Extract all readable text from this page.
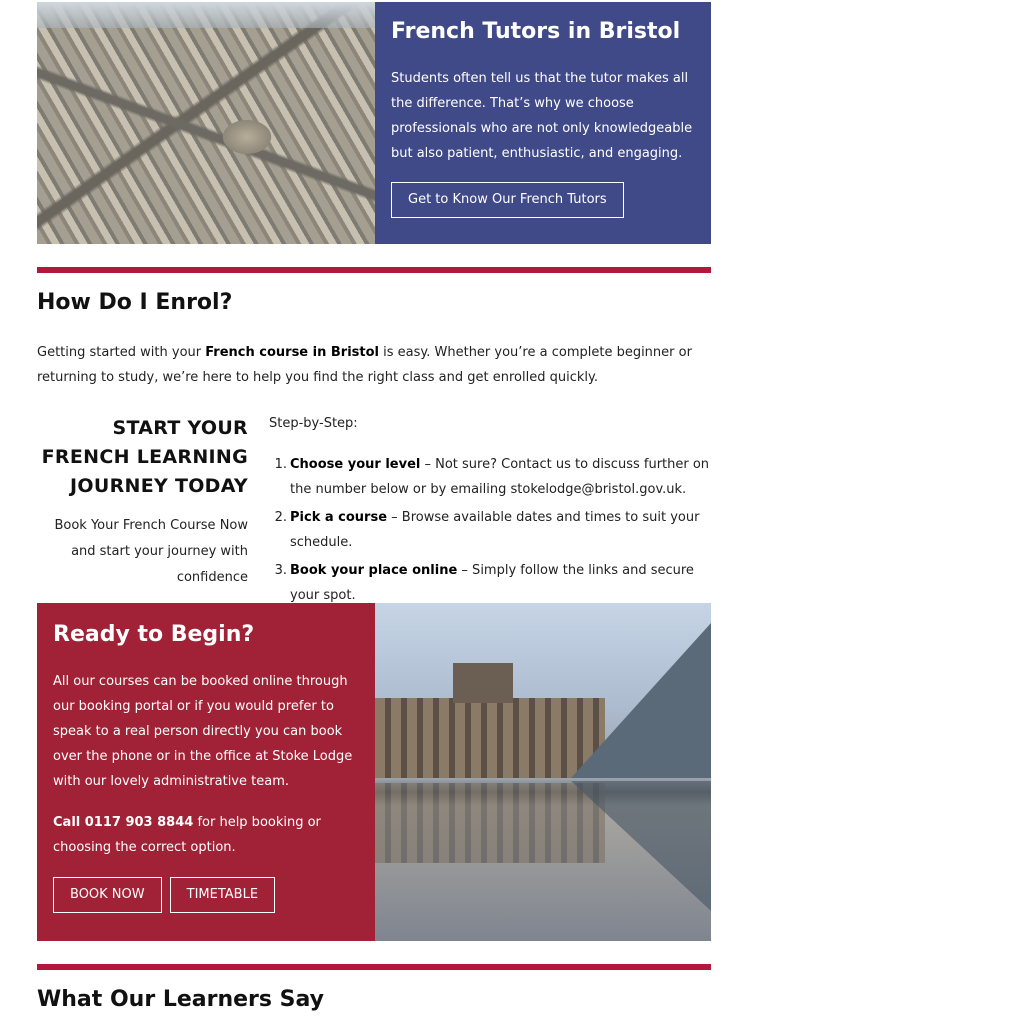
French Tutors in Bristol

Students often tell us that the tutor makes all the difference. That’s why we choose professionals who are not only knowledgeable but also patient, enthusiastic, and engaging.

Get to Know Our French Tutors
How Do I Enrol?

Getting started with your French course in Bristol is easy. Whether you’re a complete beginner or returning to study, we’re here to help you find the right class and get enrolled quickly.

START YOUR FRENCH LEARNING JOURNEY TODAY
Book Your French Course Now and start your journey with confidence
Step-by-Step:
1. Choose your level – Not sure? Contact us to discuss further on the number below or by emailing stokelodge@bristol.gov.uk.
2. Pick a course – Browse available dates and times to suit your schedule.
3. Book your place online – Simply follow the links and secure your spot.
Ready to Begin?

All our courses can be booked online through our booking portal or if you would prefer to speak to a real person directly you can book over the phone or in the office at Stoke Lodge with our lovely administrative team.

Call 0117 903 8844 for help booking or choosing the correct option.

BOOK NOW	TIMETABLE
What Our Learners Say
